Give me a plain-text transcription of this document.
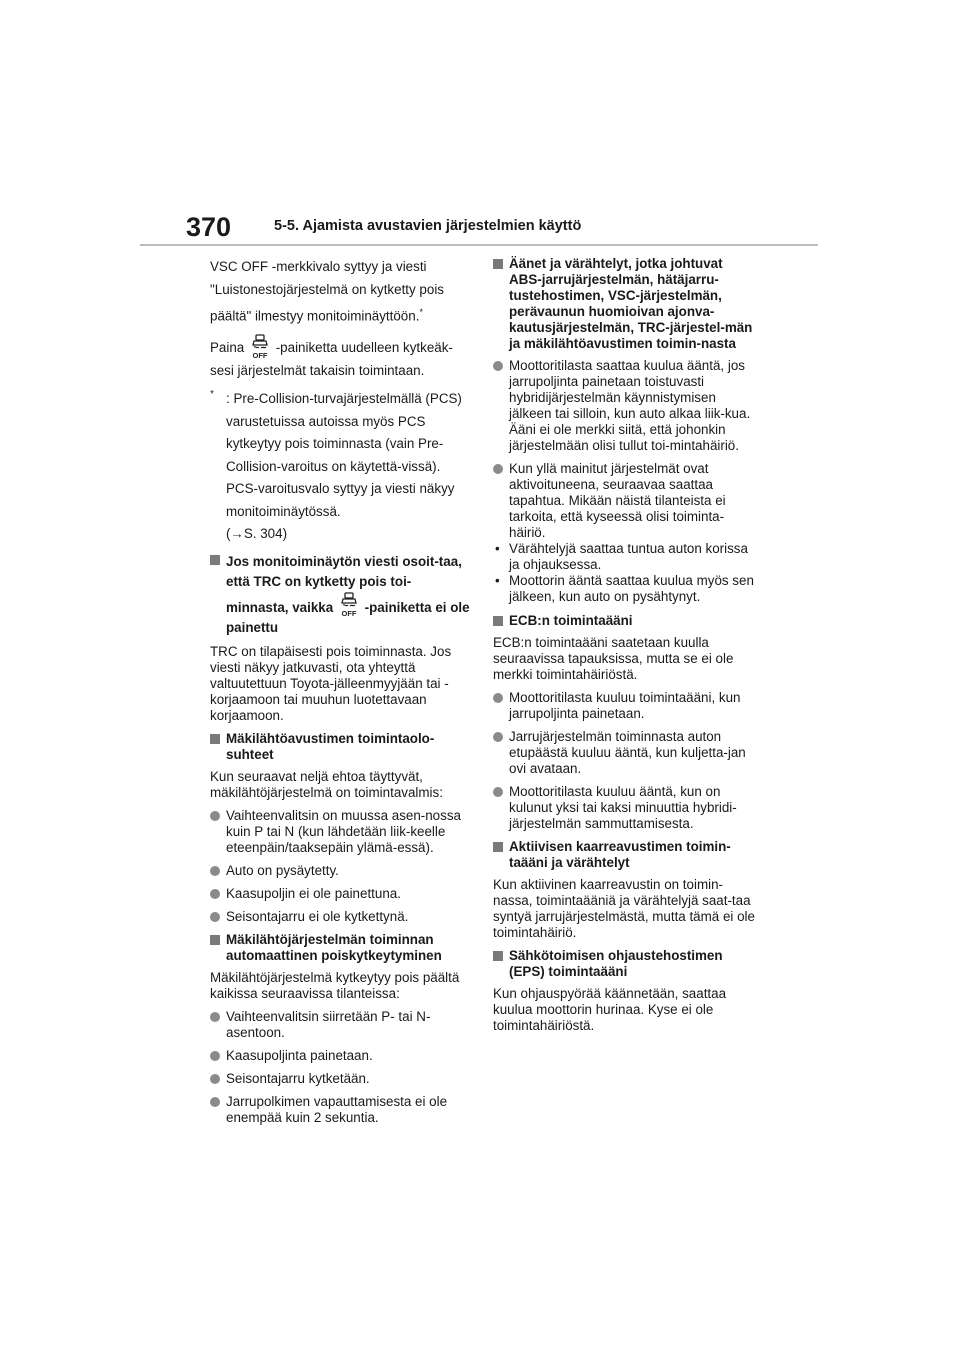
370	5-5. Ajamista avustavien järjestelmien käyttö

VSC OFF -merkkivalo syttyy ja viesti "Luistonestojärjestelmä on kytketty pois päältä" ilmestyy monitoiminäyttöön.*

Paina
OFF
-painiketta uudelleen kytkeäk-sesi järjestelmät takaisin toimintaan.

* : Pre-Collision-turvajärjestelmällä (PCS) varustetuissa autoissa myös PCS kytkeytyy pois toiminnasta (vain Pre-Collision-varoitus on käytettä-vissä). PCS-varoitusvalo syttyy ja viesti näkyy monitoiminäytössä.
(→S. 304)
Jos monitoiminäytön viesti osoit-taa, että TRC on kytketty pois toi-minnasta, vaikka OFF -painiketta ei ole painettu

TRC on tilapäisesti pois toiminnasta. Jos viesti näkyy jatkuvasti, ota yhteyttä valtuutettuun Toyota-jälleenmyyjään tai -korjaamoon tai muuhun luotettavaan korjaamoon.

Mäkilähtöavustimen toimintaolo-suhteet

Kun seuraavat neljä ehtoa täyttyvät, mäkilähtöjärjestelmä on toimintavalmis:

Vaihteenvalitsin on muussa asen-nossa kuin P tai N (kun lähdetään liik-keelle eteenpäin/taaksepäin ylämä-essä).
Auto on pysäytetty.
Kaasupoljin ei ole painettuna.
Seisontajarru ei ole kytkettynä.
Mäkilähtöjärjestelmän toiminnan automaattinen poiskytkeytyminen

Mäkilähtöjärjestelmä kytkeytyy pois päältä kaikissa seuraavissa tilanteissa:

Vaihteenvalitsin siirretään P- tai N-asentoon.
Kaasupoljinta painetaan.
Seisontajarru kytketään.
Jarrupolkimen vapauttamisesta ei ole enempää kuin 2 sekuntia.
Äänet ja värähtelyt, jotka johtuvat ABS-jarrujärjestelmän, hätäjarru-tustehostimen, VSC-järjestelmän, perävaunun huomioivan ajonva-kautusjärjestelmän, TRC-järjestel-män ja mäkilähtöavustimen toimin-nasta
Moottoritilasta saattaa kuulua ääntä, jos jarrupoljinta painetaan toistuvasti hybridijärjestelmän käynnistymisen jälkeen tai silloin, kun auto alkaa liik-kua. Ääni ei ole merkki siitä, että johonkin järjestelmään olisi tullut toi-mintahäiriö.
Kun yllä mainitut järjestelmät ovat aktivoituneena, seuraavaa saattaa tapahtua. Mikään näistä tilanteista ei tarkoita, että kyseessä olisi toiminta-häiriö.
• Värähtelyjä saattaa tuntua auton korissa ja ohjauksessa.
• Moottorin ääntä saattaa kuulua myös sen jälkeen, kun auto on pysähtynyt.
ECB:n toimintaääni

ECB:n toimintaääni saatetaan kuulla seuraavissa tapauksissa, mutta se ei ole merkki toimintahäiriöstä.

Moottoritilasta kuuluu toimintaääni, kun jarrupoljinta painetaan.
Jarrujärjestelmän toiminnasta auton etupäästä kuuluu ääntä, kun kuljetta-jan ovi avataan.
Moottoritilasta kuuluu ääntä, kun on kulunut yksi tai kaksi minuuttia hybridi-järjestelmän sammuttamisesta.
Aktiivisen kaarreavustimen toimin-taääni ja värähtelyt

Kun aktiivinen kaarreavustin on toimin-nassa, toimintaääniä ja värähtelyjä saat-taa syntyä jarrujärjestelmästä, mutta tämä ei ole toimintahäiriö.

Sähkötoimisen ohjaustehostimen (EPS) toimintaääni

Kun ohjauspyörää käännetään, saattaa kuulua moottorin hurinaa. Kyse ei ole toimintahäiriöstä.
